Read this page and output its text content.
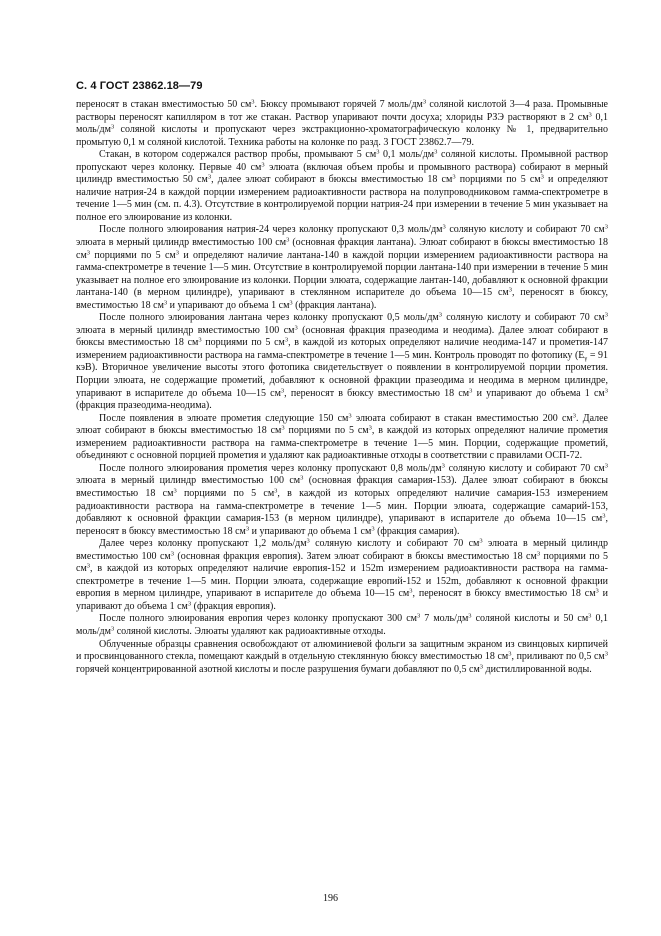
С. 4 ГОСТ 23862.18—79

переносят в стакан вместимостью 50 $см^3$. Бюксу промывают горячей 7 моль/$дм^3$ соляной кислотой 3—4 раза. Промывные растворы переносят капилляром в тот же стакан. Раствор упаривают почти досуха; хлориды РЗЭ растворяют в 2 $см^3$ 0,1 моль/$дм^3$ соляной кислоты и пропускают через экстракционно-хроматографическую колонку № 1, предварительно промытую 0,1 м соляной кислотой. Техника работы на колонке по разд. 3 ГОСТ 23862.7—79.

Стакан, в котором содержался раствор пробы, промывают 5 $см^3$ 0,1 моль/$дм^3$ соляной кислоты. Промывной раствор пропускают через колонку. Первые 40 $см^3$ элюата (включая объем пробы и промывного раствора) собирают в мерный цилиндр вместимостью 50 $см^3$, далее элюат собирают в бюксы вместимостью 18 $см^3$ порциями по 5 $см^3$ и определяют наличие натрия-24 в каждой порции измерением радиоактивности раствора на полупроводниковом гамма-спектрометре в течение 1—5 мин (см. п. 4.3). Отсутствие в контролируемой порции натрия-24 при измерении в течение 5 мин указывает на полное его элюирование из колонки.

После полного элюирования натрия-24 через колонку пропускают 0,3 моль/$дм^3$ соляную кислоту и собирают 70 $см^3$ элюата в мерный цилиндр вместимостью 100 $см^3$ (основная фракция лантана). Элюат собирают в бюксы вместимостью 18 $см^3$ порциями по 5 $см^3$ и определяют наличие лантана-140 в каждой порции измерением радиоактивности раствора на гамма-спектрометре в течение 1—5 мин. Отсутствие в контролируемой порции лантана-140 при измерении в течение 5 мин указывает на полное его элюирование из колонки. Порции элюата, содержащие лантан-140, добавляют к основной фракции лантана-140 (в мерном цилиндре), упаривают в стеклянном испарителе до объема 10—15 $см^3$, переносят в бюксу, вместимостью 18 $см^3$ и упаривают до объема 1 $см^3$ (фракция лантана).

После полного элюирования лантана через колонку пропускают 0,5 моль/$дм^3$ соляную кислоту и собирают 70 $см^3$ элюата в мерный цилиндр вместимостью 100 $см^3$ (основная фракция празеодима и неодима). Далее элюат собирают в бюксы вместимостью 18 $см^3$ порциями по 5 $см^3$, в каждой из которых определяют наличие неодима-147 и прометия-147 измерением радиоактивности раствора на гамма-спектрометре в течение 1—5 мин. Контроль проводят по фотопику ($E_\gamma = 91$ кэВ). Вторичное увеличение высоты этого фотопика свидетельствует о появлении в контролируемой порции прометия. Порции элюата, не содержащие прометий, добавляют к основной фракции празеодима и неодима в мерном цилиндре, упаривают в испарителе до объема 10—15 $см^3$, переносят в бюксу вместимостью 18 $см^3$ и упаривают до объема 1 $см^3$ (фракция празеодима-неодима).

После появления в элюате прометия следующие 150 $см^3$ элюата собирают в стакан вместимостью 200 $см^3$. Далее элюат собирают в бюксы вместимостью 18 $см^3$ порциями по 5 $см^3$, в каждой из которых определяют наличие прометия измерением радиоактивности раствора на гамма-спектрометре в течение 1—5 мин. Порции, содержащие прометий, объединяют с основной порцией прометия и удаляют как радиоактивные отходы в соответствии с правилами ОСП-72.

После полного элюирования прометия через колонку пропускают 0,8 моль/$дм^3$ соляную кислоту и собирают 70 $см^3$ элюата в мерный цилиндр вместимостью 100 $см^3$ (основная фракция самария-153). Далее элюат собирают в бюксы вместимостью 18 $см^3$ порциями по 5 $см^3$, в каждой из которых определяют наличие самария-153 измерением радиоактивности раствора на гамма-спектрометре в течение 1—5 мин. Порции элюата, содержащие самарий-153, добавляют к основной фракции самария-153 (в мерном цилиндре), упаривают в испарителе до объема 10—15 $см^3$, переносят в бюксу вместимостью 18 $см^3$ и упаривают до объема 1 $см^3$ (фракция самария).

Далее через колонку пропускают 1,2 моль/$дм^3$ соляную кислоту и собирают 70 $см^3$ элюата в мерный цилиндр вместимостью 100 $см^3$ (основная фракция европия). Затем элюат собирают в бюксы вместимостью 18 $см^3$ порциями по 5 $см^3$, в каждой из которых определяют наличие европия-152 и 152m измерением радиоактивности раствора на гамма-спектрометре в течение 1—5 мин. Порции элюата, содержащие европий-152 и 152m, добавляют к основной фракции европия в мерном цилиндре, упаривают в испарителе до объема 10—15 $см^3$, переносят в бюксу вместимостью 18 $см^3$ и упаривают до объема 1 $см^3$ (фракция европия).

После полного элюирования европия через колонку пропускают 300 $см^3$ 7 моль/$дм^3$ соляной кислоты и 50 $см^3$ 0,1 моль/$дм^3$ соляной кислоты. Элюаты удаляют как радиоактивные отходы.

Облученные образцы сравнения освобождают от алюминиевой фольги за защитным экраном из свинцовых кирпичей и просвинцованного стекла, помещают каждый в отдельную стеклянную бюксу вместимостью 18 $см^3$, приливают по 0,5 $см^3$ горячей концентрированной азотной кислоты и после разрушения бумаги добавляют по 0,5 $см^3$ дистиллированной воды.

196
